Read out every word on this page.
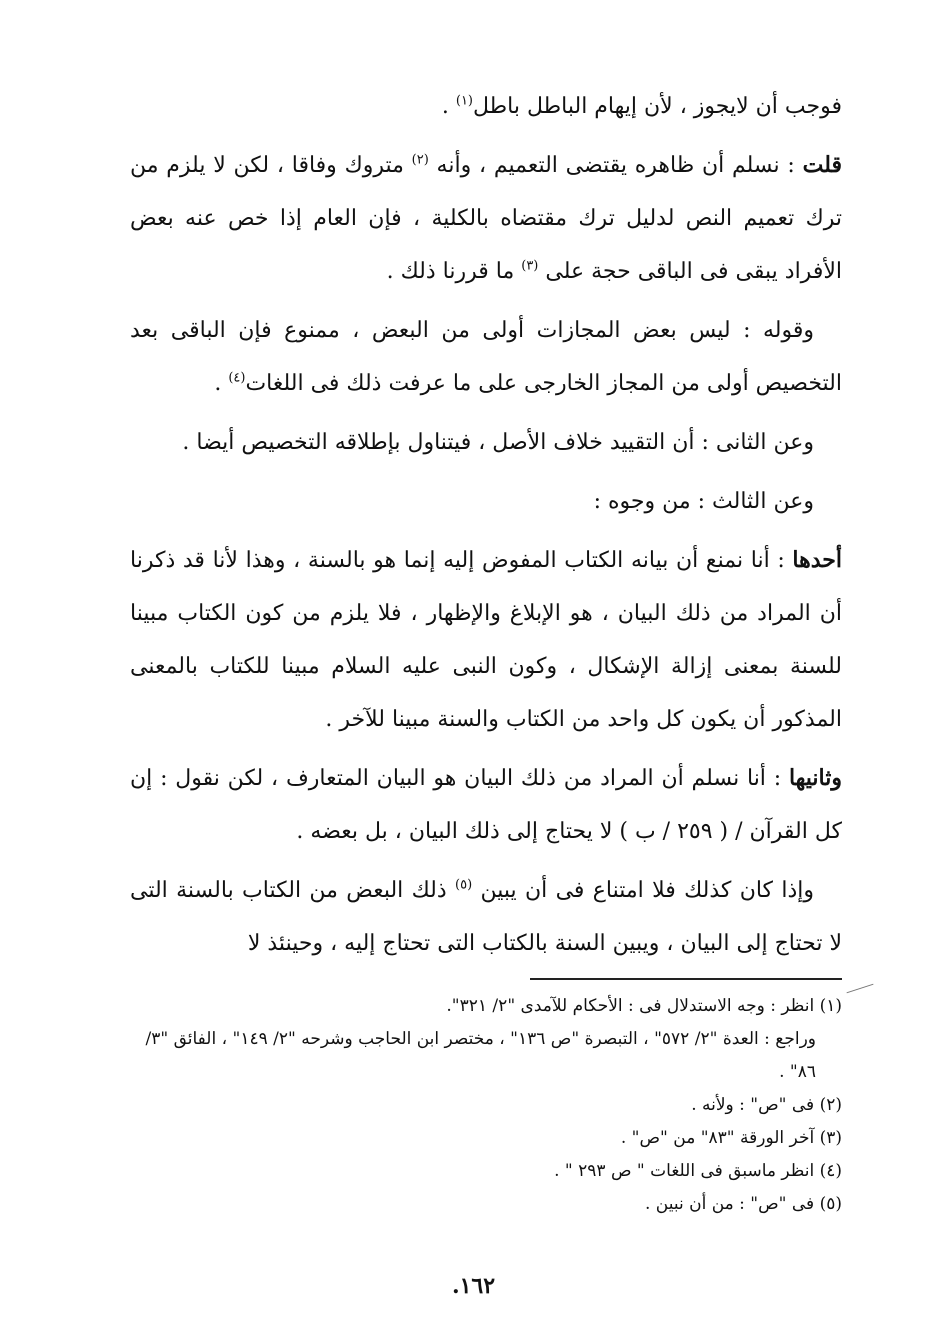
فوجب أن لايجوز ، لأن إيهام الباطل باطل$^{(١)}$ .

قلت : نسلم أن ظاهره يقتضى التعميم ، وأنه $^{(٢)}$ متروك وفاقا ، لكن لا يلزم من ترك تعميم النص لدليل ترك مقتضاه بالكلية ، فإن العام إذا خص عنه بعض الأفراد يبقى فى الباقى حجة على $^{(٣)}$ ما قررنا ذلك .

وقوله : ليس بعض المجازات أولى من البعض ، ممنوع فإن الباقى بعد التخصيص أولى من المجاز الخارجى على ما عرفت ذلك فى اللغات$^{(٤)}$ .

وعن الثانى : أن التقييد خلاف الأصل ، فيتناول بإطلاقه التخصيص أيضا .

وعن الثالث : من وجوه :

أحدها : أنا نمنع أن بيانه الكتاب المفوض إليه إنما هو بالسنة ، وهذا لأنا قد ذكرنا أن المراد من ذلك البيان ، هو الإبلاغ والإظهار ، فلا يلزم من كون الكتاب مبينا للسنة بمعنى إزالة الإشكال ، وكون النبى عليه السلام مبينا للكتاب بالمعنى المذكور أن يكون كل واحد من الكتاب والسنة مبينا للآخر .

وثانيها : أنا نسلم أن المراد من ذلك البيان هو البيان المتعارف ، لكن نقول : إن كل القرآن / ( ٢٥٩ / ب ) لا يحتاج إلى ذلك البيان ، بل بعضه .

وإذا كان كذلك فلا امتناع فى أن يبين $^{(٥)}$ ذلك البعض من الكتاب بالسنة التى لا تحتاج إلى البيان ، ويبين السنة بالكتاب التى تحتاج إليه ، وحينئذ لا

(١) انظر : وجه الاستدلال فى : الأحكام للآمدى "٢/ ٣٢١".

وراجع : العدة "٢/ ٥٧٢" ، التبصرة "ص ١٣٦" ، مختصر ابن الحاجب وشرحه "٢/ ١٤٩" ، الفائق "٣/ ٨٦" .

(٢) فى "ص" : ولأنه .

(٣) آخر الورقة "٨٣" من "ص" .

(٤) انظر ماسبق فى اللغات " ص ٢٩٣ " .

(٥) فى "ص" : من أن نبين .

١٦٢.
